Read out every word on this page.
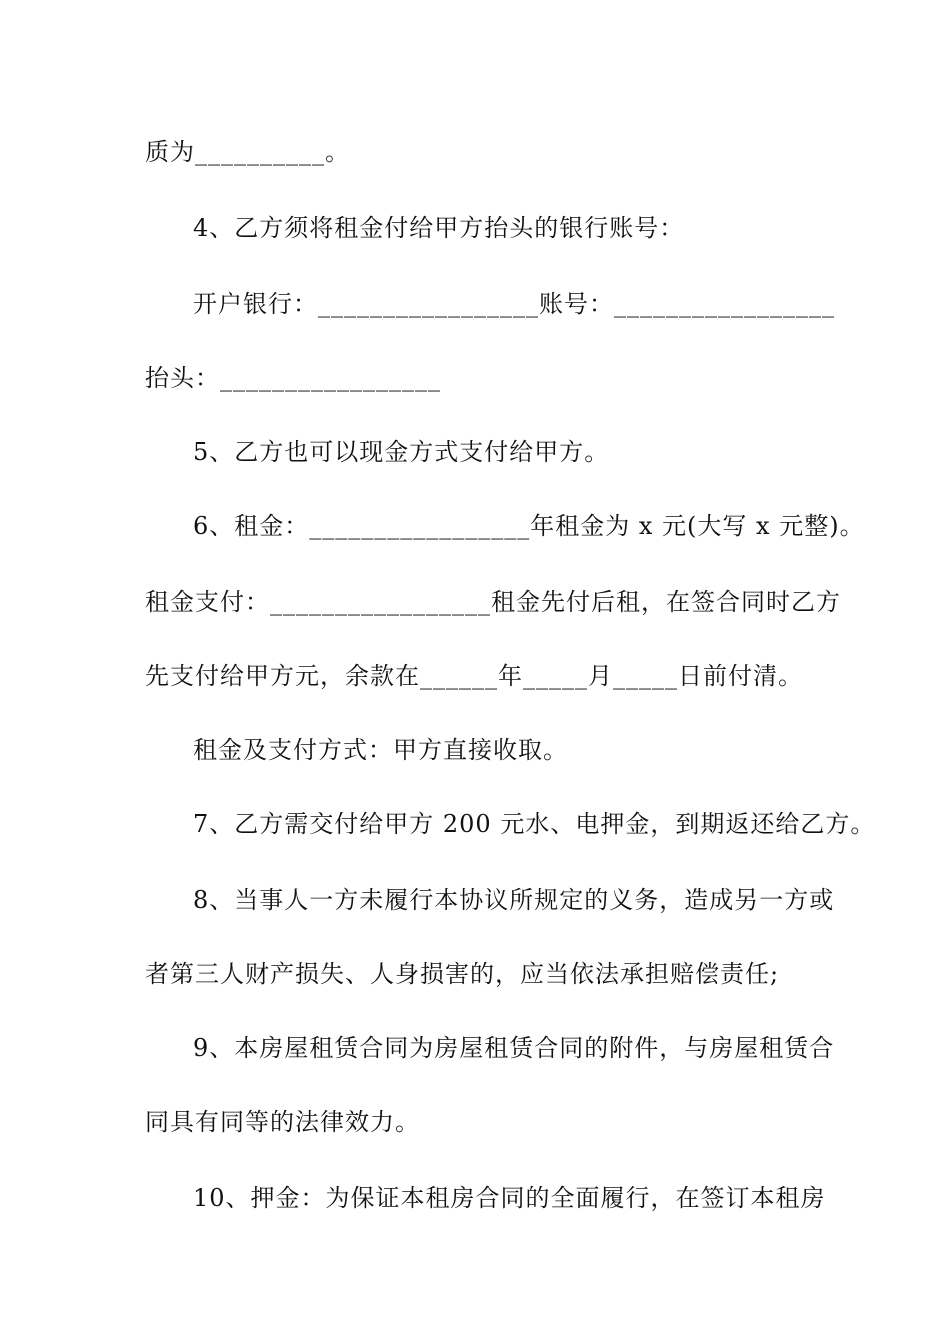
质为__________。
4、乙方须将租金付给甲方抬头的银行账号：
开户银行：_________________账号：_________________
抬头：_________________
5、乙方也可以现金方式支付给甲方。
6、租金：_________________年租金为 x 元(大写 x 元整)。
租金支付：_________________租金先付后租，在签合同时乙方
先支付给甲方元，余款在______年_____月_____日前付清。
租金及支付方式：甲方直接收取。
7、乙方需交付给甲方 200 元水、电押金，到期返还给乙方。
8、当事人一方未履行本协议所规定的义务，造成另一方或
者第三人财产损失、人身损害的，应当依法承担赔偿责任;
9、本房屋租赁合同为房屋租赁合同的附件，与房屋租赁合
同具有同等的法律效力。
10、押金：为保证本租房合同的全面履行，在签订本租房
